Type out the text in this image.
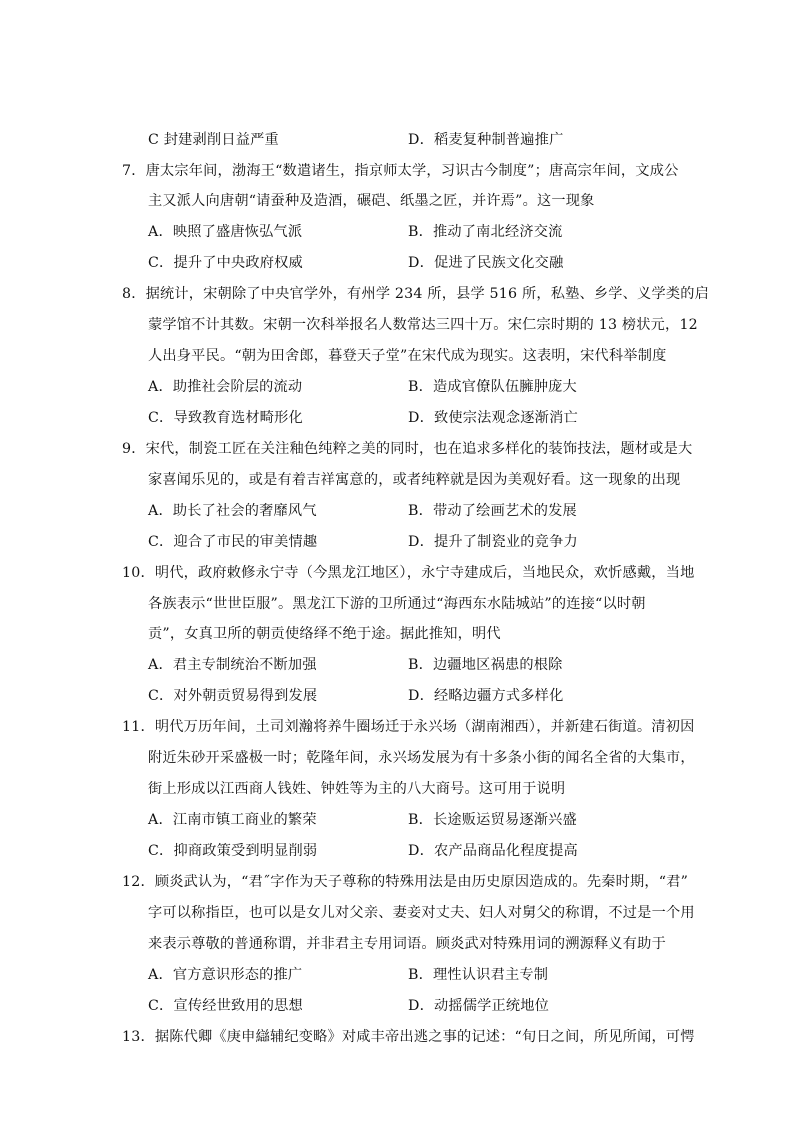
C 封建剥削日益严重	D．稻麦复种制普遍推广
7．唐太宗年间，渤海王“数遣诸生，指京师太学，习识古今制度”；唐高宗年间，文成公
主又派人向唐朝“请蚕种及造酒，碾硙、纸墨之匠，并许焉”。这一现象
A．映照了盛唐恢弘气派	B．推动了南北经济交流
C．提升了中央政府权威	D．促进了民族文化交融
8．据统计，宋朝除了中央官学外，有州学 234 所，县学 516 所，私塾、乡学、义学类的启
蒙学馆不计其数。宋朝一次科举报名人数常达三四十万。宋仁宗时期的 13 榜状元，12
人出身平民。“朝为田舍郎，暮登天子堂”在宋代成为现实。这表明，宋代科举制度
A．助推社会阶层的流动	B．造成官僚队伍臃肿庞大
C．导致教育选材畸形化	D．致使宗法观念逐渐消亡
9．宋代，制瓷工匠在关注釉色纯粹之美的同时，也在追求多样化的装饰技法，题材或是大
家喜闻乐见的，或是有着吉祥寓意的，或者纯粹就是因为美观好看。这一现象的出现
A．助长了社会的奢靡风气	B．带动了绘画艺术的发展
C．迎合了市民的审美情趣	D．提升了制瓷业的竞争力
10．明代，政府敕修永宁寺（今黑龙江地区），永宁寺建成后，当地民众，欢忻感戴，当地
各族表示“世世臣服”。黑龙江下游的卫所通过“海西东水陆城站”的连接“以时朝
贡”，女真卫所的朝贡使络绎不绝于途。据此推知，明代
A．君主专制统治不断加强	B．边疆地区祸患的根除
C．对外朝贡贸易得到发展	D．经略边疆方式多样化
11．明代万历年间，土司刘瀚将养牛圈场迁于永兴场（湖南湘西），并新建石街道。清初因
附近朱砂开采盛极一时；乾隆年间，永兴场发展为有十多条小街的闻名全省的大集市，
街上形成以江西商人钱姓、钟姓等为主的八大商号。这可用于说明
A．江南市镇工商业的繁荣	B．长途贩运贸易逐渐兴盛
C．抑商政策受到明显削弱	D．农产品商品化程度提高
12．顾炎武认为，“君˝字作为天子尊称的特殊用法是由历史原因造成的。先秦时期，“君”
字可以称指臣，也可以是女儿对父亲、妻妾对丈夫、妇人对舅父的称谓，不过是一个用
来表示尊敬的普通称谓，并非君主专用词语。顾炎武对特殊用词的溯源释义有助于
A．官方意识形态的推广	B．理性认识君主专制
C．宣传经世致用的思想	D．动摇儒学正统地位
13．据陈代卿《庚申䜌辅纪变略》对咸丰帝出逃之事的记述：“旬日之间，所见所闻，可愕
